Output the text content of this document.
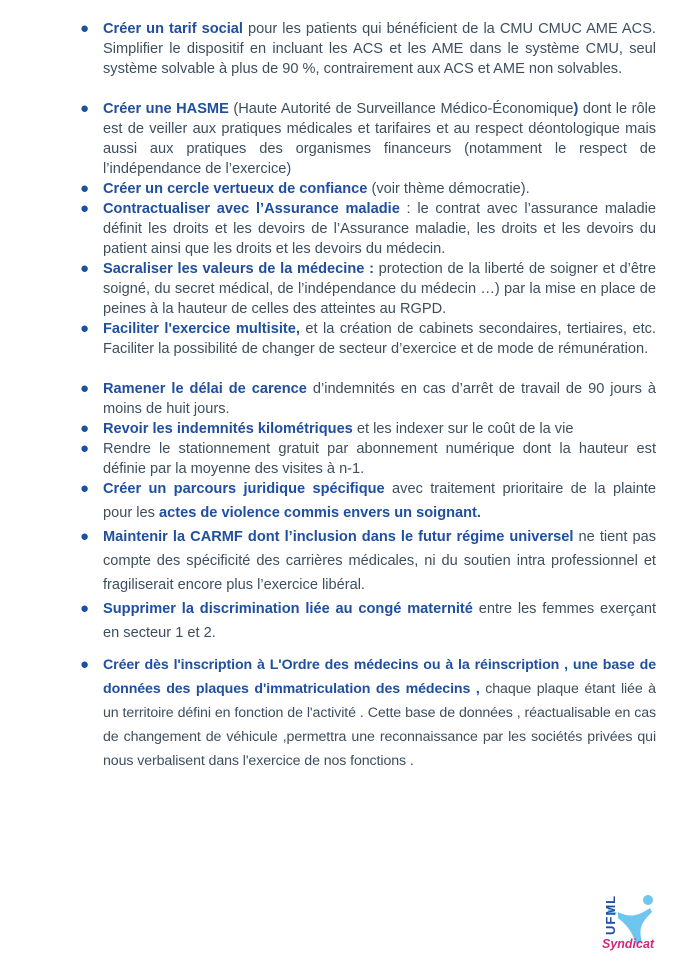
● Créer un tarif social pour les patients qui bénéficient de la CMU CMUC AME ACS. Simplifier le dispositif en incluant les ACS et les AME dans le système CMU, seul système solvable à plus de 90 %, contrairement aux ACS et AME non solvables.
● Créer une HASME (Haute Autorité de Surveillance Médico-Économique) dont le rôle est de veiller aux pratiques médicales et tarifaires et au respect déontologique mais aussi aux pratiques des organismes financeurs (notamment le respect de l’indépendance de l’exercice)
● Créer un cercle vertueux de confiance (voir thème démocratie).
● Contractualiser avec l’Assurance maladie : le contrat avec l’assurance maladie définit les droits et les devoirs de l’Assurance maladie, les droits et les devoirs du patient ainsi que les droits et les devoirs du médecin.
● Sacraliser les valeurs de la médecine : protection de la liberté de soigner et d’être soigné, du secret médical, de l’indépendance du médecin …) par la mise en place de peines à la hauteur de celles des atteintes au RGPD.
● Faciliter l'exercice multisite, et la création de cabinets secondaires, tertiaires, etc. Faciliter la possibilité de changer de secteur d’exercice et de mode de rémunération.
● Ramener le délai de carence d’indemnités en cas d’arrêt de travail de 90 jours à moins de huit jours.
● Revoir les indemnités kilométriques et les indexer sur le coût de la vie
● Rendre le stationnement gratuit par abonnement numérique dont la hauteur est définie par la moyenne des visites à n-1.
● Créer un parcours juridique spécifique avec traitement prioritaire de la plainte pour les actes de violence commis envers un soignant.
● Maintenir la CARMF dont l’inclusion dans le futur régime universel ne tient pas compte des spécificité des carrières médicales, ni du soutien intra professionnel et fragiliserait encore plus l’exercice libéral.
● Supprimer la discrimination liée au congé maternité entre les femmes exerçant en secteur 1 et 2.
● Créer dès l'inscription à L'Ordre des médecins ou à la réinscription , une base de données des plaques d'immatriculation des médecins , chaque plaque étant liée à un territoire défini en fonction de l'activité . Cette base de données , réactualisable en cas de changement de véhicule ,permettra une reconnaissance par les sociétés privées qui nous verbalisent dans l'exercice de nos fonctions .
UFML
Syndicat
